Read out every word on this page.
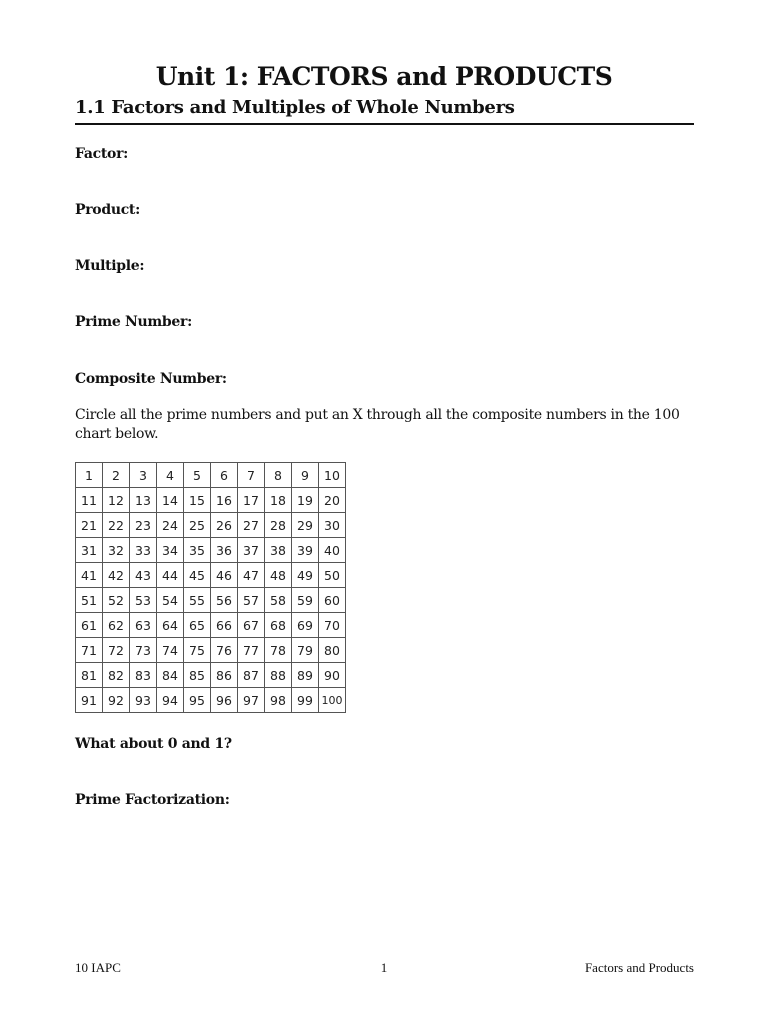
Unit 1: FACTORS and PRODUCTS
1.1 Factors and Multiples of Whole Numbers
Factor:
Product:
Multiple:
Prime Number:
Composite Number:
Circle all the prime numbers and put an X through all the composite numbers in the 100 chart below.
1	2	3	4	5	6	7	8	9	10
11	12	13	14	15	16	17	18	19	20
21	22	23	24	25	26	27	28	29	30
31	32	33	34	35	36	37	38	39	40
41	42	43	44	45	46	47	48	49	50
51	52	53	54	55	56	57	58	59	60
61	62	63	64	65	66	67	68	69	70
71	72	73	74	75	76	77	78	79	80
81	82	83	84	85	86	87	88	89	90
91	92	93	94	95	96	97	98	99	100
What about 0 and 1?
Prime Factorization:
10 IAPC	1	Factors and Products
